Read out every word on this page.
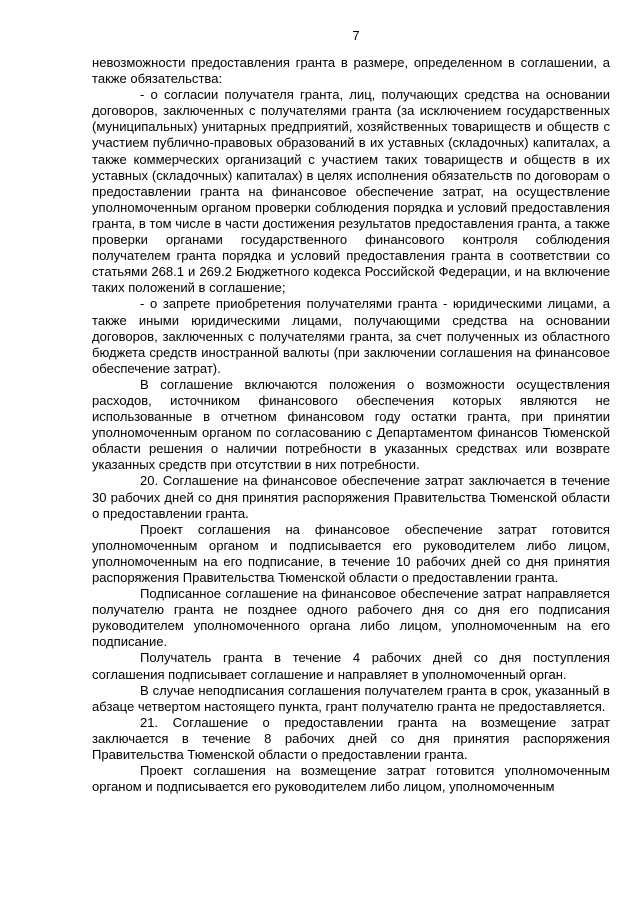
7

невозможности предоставления гранта в размере, определенном в соглашении, а также обязательства:

- о согласии получателя гранта, лиц, получающих средства на основании договоров, заключенных с получателями гранта (за исключением государственных (муниципальных) унитарных предприятий, хозяйственных товариществ и обществ с участием публично-правовых образований в их уставных (складочных) капиталах, а также коммерческих организаций с участием таких товариществ и обществ в их уставных (складочных) капиталах) в целях исполнения обязательств по договорам о предоставлении гранта на финансовое обеспечение затрат, на осуществление уполномоченным органом проверки соблюдения порядка и условий предоставления гранта, в том числе в части достижения результатов предоставления гранта, а также проверки органами государственного финансового контроля соблюдения получателем гранта порядка и условий предоставления гранта в соответствии со статьями 268.1 и 269.2 Бюджетного кодекса Российской Федерации, и на включение таких положений в соглашение;

- о запрете приобретения получателями гранта - юридическими лицами, а также иными юридическими лицами, получающими средства на основании договоров, заключенных с получателями гранта, за счет полученных из областного бюджета средств иностранной валюты (при заключении соглашения на финансовое обеспечение затрат).

В соглашение включаются положения о возможности осуществления расходов, источником финансового обеспечения которых являются не использованные в отчетном финансовом году остатки гранта, при принятии уполномоченным органом по согласованию с Департаментом финансов Тюменской области решения о наличии потребности в указанных средствах или возврате указанных средств при отсутствии в них потребности.

20. Соглашение на финансовое обеспечение затрат заключается в течение 30 рабочих дней со дня принятия распоряжения Правительства Тюменской области о предоставлении гранта.

Проект соглашения на финансовое обеспечение затрат готовится уполномоченным органом и подписывается его руководителем либо лицом, уполномоченным на его подписание, в течение 10 рабочих дней со дня принятия распоряжения Правительства Тюменской области о предоставлении гранта.

Подписанное соглашение на финансовое обеспечение затрат направляется получателю гранта не позднее одного рабочего дня со дня его подписания руководителем уполномоченного органа либо лицом, уполномоченным на его подписание.

Получатель гранта в течение 4 рабочих дней со дня поступления соглашения подписывает соглашение и направляет в уполномоченный орган.

В случае неподписания соглашения получателем гранта в срок, указанный в абзаце четвертом настоящего пункта, грант получателю гранта не предоставляется.

21. Соглашение о предоставлении гранта на возмещение затрат заключается в течение 8 рабочих дней со дня принятия распоряжения Правительства Тюменской области о предоставлении гранта.

Проект соглашения на возмещение затрат готовится уполномоченным органом и подписывается его руководителем либо лицом, уполномоченным
